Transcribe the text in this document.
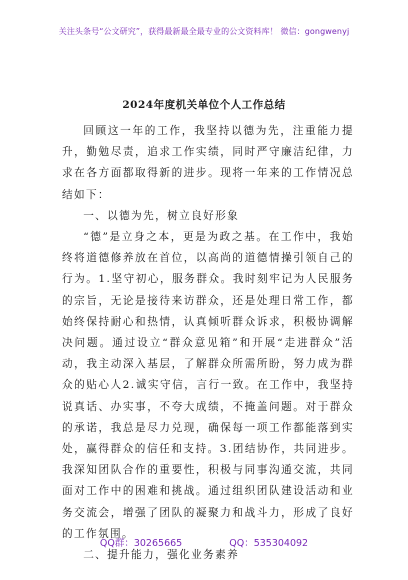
关注头条号“公文研究”，获得最新最全最专业的公文资料库！ 微信：gongwenyj
2024年度机关单位个人工作总结

回顾这一年的工作，我坚持以德为先，注重能力提升，勤勉尽责，追求工作实绩，同时严守廉洁纪律，力求在各方面都取得新的进步。现将一年来的工作情况总结如下：

一、以德为先，树立良好形象

“德”是立身之本，更是为政之基。在工作中，我始终将道德修养放在首位，以高尚的道德情操引领自己的行为。1.坚守初心，服务群众。我时刻牢记为人民服务的宗旨，无论是接待来访群众，还是处理日常工作，都始终保持耐心和热情，认真倾听群众诉求，积极协调解决问题。通过设立“群众意见箱”和开展“走进群众”活动，我主动深入基层，了解群众所需所盼，努力成为群众的贴心人2.诚实守信，言行一致。在工作中，我坚持说真话、办实事，不夸大成绩，不掩盖问题。对于群众的承诺，我总是尽力兑现，确保每一项工作都能落到实处，赢得群众的信任和支持。3.团结协作，共同进步。我深知团队合作的重要性，积极与同事沟通交流，共同面对工作中的困难和挑战。通过组织团队建设活动和业务交流会，增强了团队的凝聚力和战斗力，形成了良好的工作氛围。

二、提升能力，强化业务素养
QQ群：30265665	QQ：535304092
